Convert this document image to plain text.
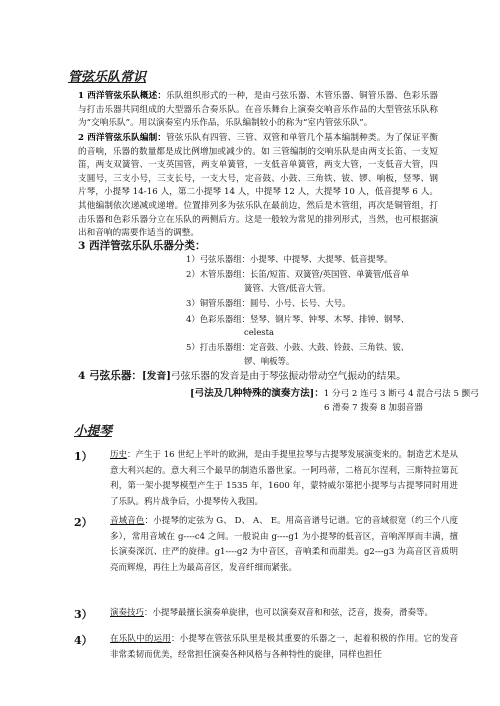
管弦乐队常识

1 西洋管弦乐队概述：乐队组织形式的一种，是由弓弦乐器、木管乐器、铜管乐器、色彩乐器与打击乐器共同组成的大型器乐合奏乐队。在音乐舞台上演奏交响音乐作品的大型管弦乐队称为“交响乐队”。用以演奏室内乐作品，乐队编制较小的称为“室内管弦乐队”。

2 西洋管弦乐队编制：管弦乐队有四管、三管、双管和单管几个基本编制种类。为了保证平衡的音响，乐器的数量都是成比例增加或减少的。如 三管编制的交响乐队是由两支长笛、一支短笛，两支双簧管、一支英国管，两支单簧管，一支低音单簧管，两支大管，一支低音大管，四支圆号，三支小号，三支长号，一支大号，定音鼓、小鼓、三角铁、钹、锣、响板，竖琴、钢片琴，小提琴 14-16 人，第二小提琴 14 人，中提琴 12 人，大提琴 10 人，低音提琴 6 人。其他编制依次递减或递增。位置排列多为弦乐队在最前边，然后是木管组，再次是铜管组，打击乐器和色彩乐器分立在乐队的两侧后方。这是一般较为常见的排列形式，当然，也可根据演出和音响的需要作适当的调整。

3 西洋管弦乐队乐器分类：
1）弓弦乐器组：小提琴、中提琴、大提琴、低音提琴。
2）木管乐器组：长笛/短笛、双簧管/英国管、单簧管/低音单
簧管、大管/低音大管。
3）铜管乐器组：圆号、小号、长号、大号。
4）色彩乐器组：竖琴、钢片琴、钟琴、木琴、排钟、钢琴、
celesta
5）打击乐器组：定音鼓、小鼓、大鼓、铃鼓、三角铁、钹、
锣、响板等。

4 弓弦乐器：[发音]弓弦乐器的发音是由于琴弦振动带动空气振动的结果。

[弓法及几种特殊的演奏方法]：1 分弓 2 连弓 3 断弓 4 混合弓法 5 颤弓
6 滑奏 7 拨奏 8 加弱音器

小提琴
1） 历史：产生于 16 世纪上半叶的欧洲，是由手提里拉琴与古提琴发展演变来的。制造艺术是从意大利兴起的。意大利三个最早的制造乐器世家。一阿玛蒂，二格瓦尔涅利，三斯特拉第瓦利，第一架小提琴模型产生于 1535 年，1600 年，蒙特威尔第把小提琴与古提琴同时用进了乐队。鸦片战争后，小提琴传入我国。

2） 音域音色：小提琴的定弦为 G、 D、 A、 E。用高音谱号记谱。它的音域很宽（约三个八度多），常用音域在 g----c4 之间。一般说由 g----g1 为小提琴的低音区，音响浑厚而丰满，擅长演奏深沉、庄严的旋律。g1----g2 为中音区，音响柔和而甜美。g2---g3 为高音区音质明亮而辉煌，再往上为最高音区，发音纤细而紧张。

3） 演奏技巧：小提琴最擅长演奏单旋律，也可以演奏双音和和弦，泛音，拨奏，滑奏等。

4） 在乐队中的运用：小提琴在管弦乐队里是极其重要的乐器之一，起着积极的作用。它的发音非常柔韧而优美，经常担任演奏各种风格与各种特性的旋律，同样也担任
